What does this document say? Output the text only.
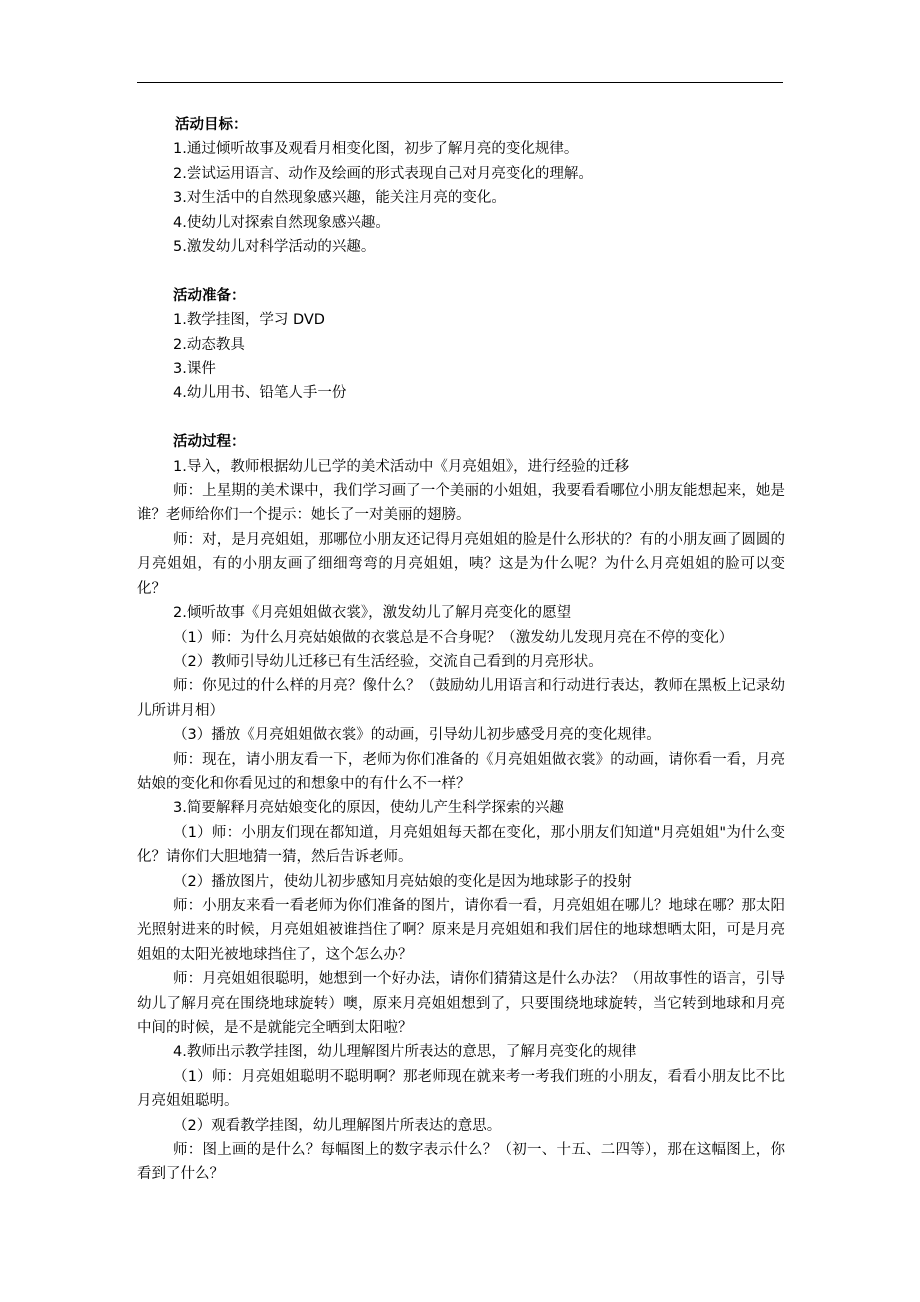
活动目标：

1.通过倾听故事及观看月相变化图，初步了解月亮的变化规律。

2.尝试运用语言、动作及绘画的形式表现自己对月亮变化的理解。

3.对生活中的自然现象感兴趣，能关注月亮的变化。

4.使幼儿对探索自然现象感兴趣。

5.激发幼儿对科学活动的兴趣。

活动准备：

1.教学挂图，学习 DVD

2.动态教具

3.课件

4.幼儿用书、铅笔人手一份

活动过程：

1.导入，教师根据幼儿已学的美术活动中《月亮姐姐》，进行经验的迁移

师：上星期的美术课中，我们学习画了一个美丽的小姐姐，我要看看哪位小朋友能想起来，她是谁？老师给你们一个提示：她长了一对美丽的翅膀。

师：对，是月亮姐姐，那哪位小朋友还记得月亮姐姐的脸是什么形状的？有的小朋友画了圆圆的月亮姐姐，有的小朋友画了细细弯弯的月亮姐姐，咦？这是为什么呢？为什么月亮姐姐的脸可以变化？

2.倾听故事《月亮姐姐做衣裳》，激发幼儿了解月亮变化的愿望

（1）师：为什么月亮姑娘做的衣裳总是不合身呢？（激发幼儿发现月亮在不停的变化）

（2）教师引导幼儿迁移已有生活经验，交流自己看到的月亮形状。

师：你见过的什么样的月亮？像什么？（鼓励幼儿用语言和行动进行表达，教师在黑板上记录幼儿所讲月相）

（3）播放《月亮姐姐做衣裳》的动画，引导幼儿初步感受月亮的变化规律。

师：现在，请小朋友看一下，老师为你们准备的《月亮姐姐做衣裳》的动画，请你看一看，月亮姑娘的变化和你看见过的和想象中的有什么不一样？

3.简要解释月亮姑娘变化的原因，使幼儿产生科学探索的兴趣

（1）师：小朋友们现在都知道，月亮姐姐每天都在变化，那小朋友们知道"月亮姐姐"为什么变化？请你们大胆地猜一猜，然后告诉老师。

（2）播放图片，使幼儿初步感知月亮姑娘的变化是因为地球影子的投射

师：小朋友来看一看老师为你们准备的图片，请你看一看，月亮姐姐在哪儿？地球在哪？那太阳光照射进来的时候，月亮姐姐被谁挡住了啊？原来是月亮姐姐和我们居住的地球想晒太阳，可是月亮姐姐的太阳光被地球挡住了，这个怎么办？

师：月亮姐姐很聪明，她想到一个好办法，请你们猜猜这是什么办法？（用故事性的语言，引导幼儿了解月亮在围绕地球旋转）噢，原来月亮姐姐想到了，只要围绕地球旋转，当它转到地球和月亮中间的时候，是不是就能完全晒到太阳啦？

4.教师出示教学挂图，幼儿理解图片所表达的意思，了解月亮变化的规律

（1）师：月亮姐姐聪明不聪明啊？那老师现在就来考一考我们班的小朋友，看看小朋友比不比月亮姐姐聪明。

（2）观看教学挂图，幼儿理解图片所表达的意思。

师：图上画的是什么？每幅图上的数字表示什么？（初一、十五、二四等），那在这幅图上，你看到了什么？
